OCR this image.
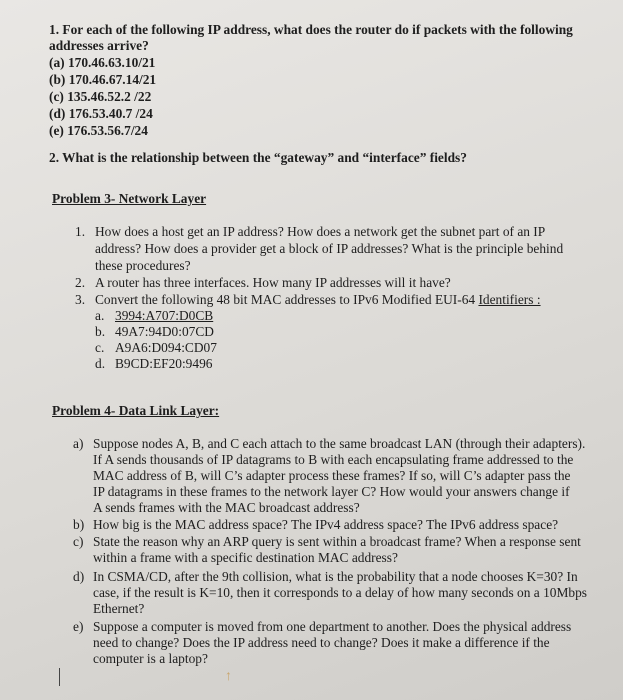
1. For each of the following IP address, what does the router do if packets with the following
addresses arrive?
(a) 170.46.63.10/21
(b) 170.46.67.14/21
(c) 135.46.52.2 /22
(d) 176.53.40.7 /24
(e) 176.53.56.7/24
2. What is the relationship between the “gateway” and “interface” fields?
Problem 3- Network Layer
1. How does a host get an IP address? How does a network get the subnet part of an IP
address? How does a provider get a block of IP addresses? What is the principle behind
these procedures?
2. A router has three interfaces. How many IP addresses will it have?
3. Convert the following 48 bit MAC addresses to IPv6 Modified EUI-64 Identifiers :
a. 3994:A707:D0CB
b. 49A7:94D0:07CD
c. A9A6:D094:CD07
d. B9CD:EF20:9496
Problem 4- Data Link Layer:
a) Suppose nodes A, B, and C each attach to the same broadcast LAN (through their adapters).
If A sends thousands of IP datagrams to B with each encapsulating frame addressed to the
MAC address of B, will C’s adapter process these frames? If so, will C’s adapter pass the
IP datagrams in these frames to the network layer C? How would your answers change if
A sends frames with the MAC broadcast address?
b) How big is the MAC address space? The IPv4 address space? The IPv6 address space?
c) State the reason why an ARP query is sent within a broadcast frame? When a response sent
within a frame with a specific destination MAC address?
d) In CSMA/CD, after the 9th collision, what is the probability that a node chooses K=30? In
case, if the result is K=10, then it corresponds to a delay of how many seconds on a 10Mbps
Ethernet?
e) Suppose a computer is moved from one department to another. Does the physical address
need to change? Does the IP address need to change? Does it make a difference if the
computer is a laptop?
↑
